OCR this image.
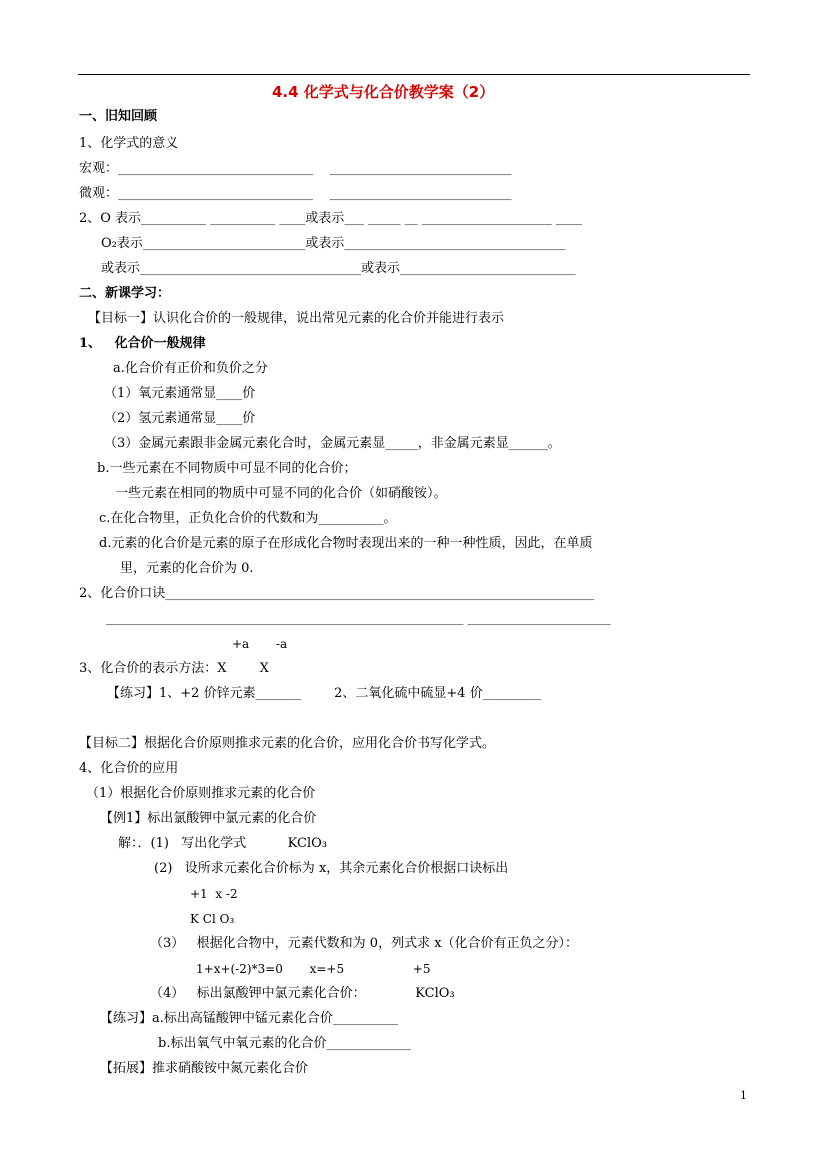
4.4 化学式与化合价教学案（2）
一、旧知回顾
1、化学式的意义
宏观：______________________________    ____________________________
微观：______________________________    ____________________________
2、O 表示__________ __________ ____或表示___ _____ __ ____________________ ____
O₂表示_________________________或表示__________________________________
或表示__________________________________或表示___________________________
二、新课学习：
【目标一】认识化合价的一般规律，说出常见元素的化合价并能进行表示
1、   化合价一般规律
a.化合价有正价和负价之分
（1）氧元素通常显____价
（2）氢元素通常显____价
（3）金属元素跟非金属元素化合时，金属元素显_____，非金属元素显______。
b.一些元素在不同物质中可显不同的化合价；
一些元素在相同的物质中可显不同的化合价（如硝酸铵）。
c.在化合物里，正负化合价的代数和为__________。
d.元素的化合价是元素的原子在形成化合物时表现出来的一种一种性质，因此，在单质
里，元素的化合价为 0.
2、化合价口诀__________________________________________________________________
_______________________________________________________ ______________________
+a       -a
3、化合价的表示方法：X        X
【练习】1、+2 价锌元素_______        2、二氧化硫中硫显+4 价_________
【目标二】根据化合价原则推求元素的化合价，应用化合价书写化学式。
4、化合价的应用
（1）根据化合价原则推求元素的化合价
【例1】标出氯酸钾中氯元素的化合价
解：．(1)   写出化学式          KClO₃
(2)   设所求元素化合价标为 x，其余元素化合价根据口诀标出
+1  x -2
K Cl O₃
（3）   根据化合物中，元素代数和为 0，列式求 x（化合价有正负之分）：
1+x+(-2)*3=0       x=+5                  +5
（4）   标出氯酸钾中氯元素化合价：            KClO₃
【练习】a.标出高锰酸钾中锰元素化合价__________
b.标出氧气中氧元素的化合价_____________
【拓展】推求硝酸铵中氮元素化合价
1
